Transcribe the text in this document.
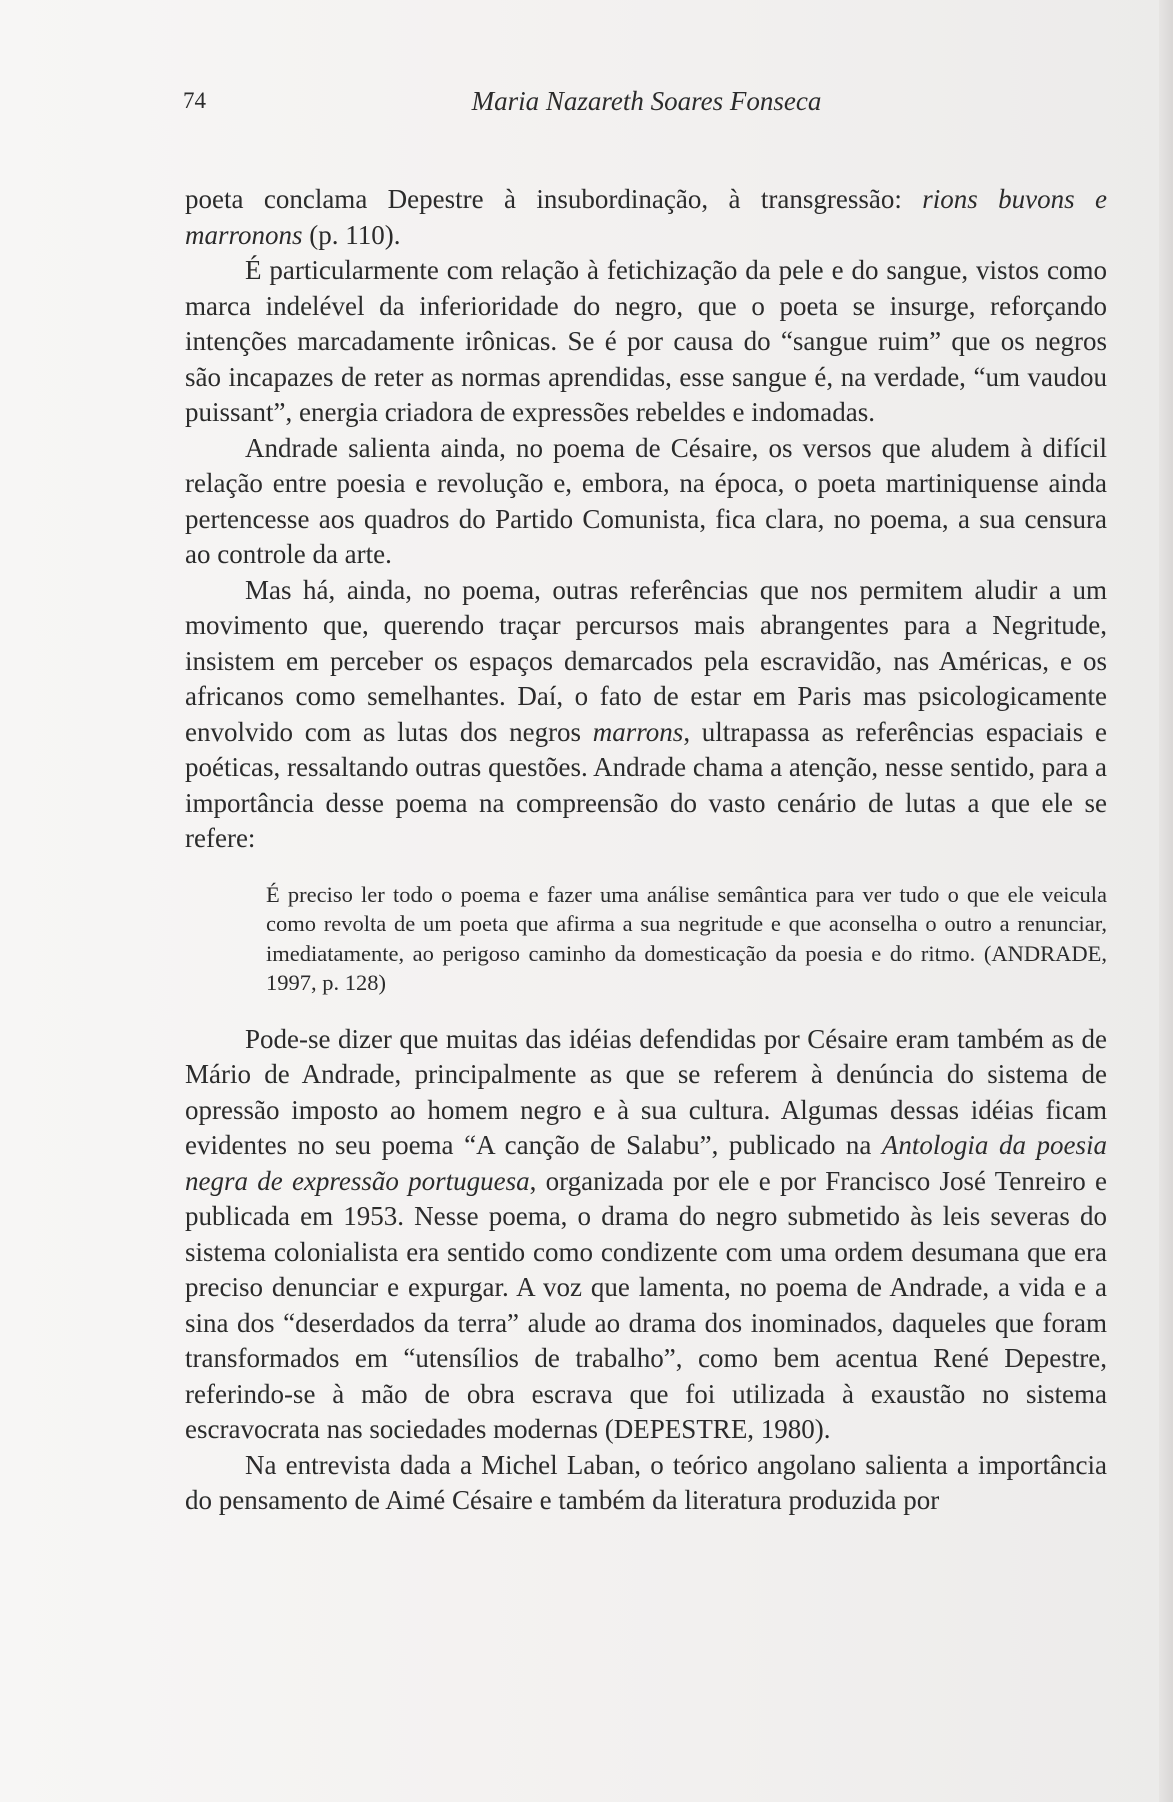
74	Maria Nazareth Soares Fonseca

poeta conclama Depestre à insubordinação, à transgressão: rions buvons e marronons (p. 110).

É particularmente com relação à fetichização da pele e do sangue, vistos como marca indelével da inferioridade do negro, que o poeta se insurge, reforçando intenções marcadamente irônicas. Se é por causa do “sangue ruim” que os negros são incapazes de reter as normas aprendidas, esse sangue é, na verdade, “um vaudou puissant”, energia criadora de expressões rebeldes e indomadas.

Andrade salienta ainda, no poema de Césaire, os versos que aludem à difícil relação entre poesia e revolução e, embora, na época, o poeta martiniquense ainda pertencesse aos quadros do Partido Comunista, fica clara, no poema, a sua censura ao controle da arte.

Mas há, ainda, no poema, outras referências que nos permitem aludir a um movimento que, querendo traçar percursos mais abrangentes para a Negritude, insistem em perceber os espaços demarcados pela escravidão, nas Américas, e os africanos como semelhantes. Daí, o fato de estar em Paris mas psicologicamente envolvido com as lutas dos negros marrons, ultrapassa as referências espaciais e poéticas, ressaltando outras questões. Andrade chama a atenção, nesse sentido, para a importância desse poema na compreensão do vasto cenário de lutas a que ele se refere:

É preciso ler todo o poema e fazer uma análise semântica para ver tudo o que ele veicula como revolta de um poeta que afirma a sua negritude e que aconselha o outro a renunciar, imediatamente, ao perigoso caminho da domesticação da poesia e do ritmo. (ANDRADE, 1997, p. 128)

Pode-se dizer que muitas das idéias defendidas por Césaire eram também as de Mário de Andrade, principalmente as que se referem à denúncia do sistema de opressão imposto ao homem negro e à sua cultura. Algumas dessas idéias ficam evidentes no seu poema “A canção de Salabu”, publicado na Antologia da poesia negra de expressão portuguesa, organizada por ele e por Francisco José Tenreiro e publicada em 1953. Nesse poema, o drama do negro submetido às leis severas do sistema colonialista era sentido como condizente com uma ordem desumana que era preciso denunciar e expurgar. A voz que lamenta, no poema de Andrade, a vida e a sina dos “deserdados da terra” alude ao drama dos inominados, daqueles que foram transformados em “utensílios de trabalho”, como bem acentua René Depestre, referindo-se à mão de obra escrava que foi utilizada à exaustão no sistema escravocrata nas sociedades modernas (DEPESTRE, 1980).

Na entrevista dada a Michel Laban, o teórico angolano salienta a importância do pensamento de Aimé Césaire e também da literatura produzida por
